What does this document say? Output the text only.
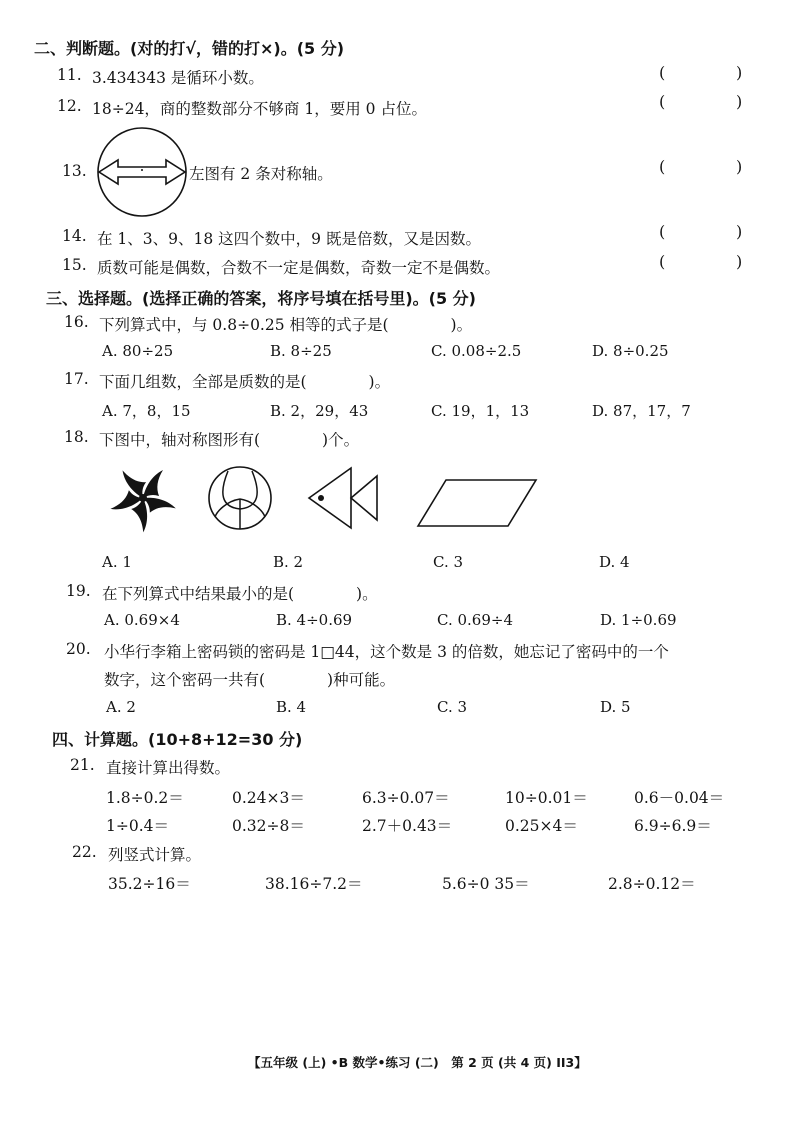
二、判断题。(对的打√，错的打×)。(5 分)
11. 3.434343 是循环小数。	(	)
12. 18÷24，商的整数部分不够商 1，要用 0 占位。	(	)
13.	左图有 2 条对称轴。	(	)
14. 在 1、3、9、18 这四个数中，9 既是倍数，又是因数。	(	)
15. 质数可能是偶数，合数不一定是偶数，奇数一定不是偶数。	(	)
三、选择题。(选择正确的答案，将序号填在括号里)。(5 分)
16. 下列算式中，与 0.8÷0.25 相等的式子是(　　　　)。
A. 80÷25	B. 8÷25	C. 0.08÷2.5	D. 8÷0.25
17. 下面几组数，全部是质数的是(　　　　)。
A. 7，8，15	B. 2，29，43	C. 19，1，13	D. 87，17，7
18. 下图中，轴对称图形有(　　　　)个。
A. 1	B. 2	C. 3	D. 4
19. 在下列算式中结果最小的是(　　　　)。
A. 0.69×4	B. 4÷0.69	C. 0.69÷4	D. 1÷0.69
20. 小华行李箱上密码锁的密码是 1□44，这个数是 3 的倍数，她忘记了密码中的一个
数字，这个密码一共有(　　　　)种可能。
A. 2	B. 4	C. 3	D. 5
四、计算题。(10+8+12=30 分)
21. 直接计算出得数。
1.8÷0.2＝	0.24×3＝	6.3÷0.07＝	10÷0.01＝	0.6－0.04＝
1÷0.4＝	0.32÷8＝	2.7＋0.43＝	0.25×4＝	6.9÷6.9＝
22. 列竖式计算。
35.2÷16＝	38.16÷7.2＝	5.6÷0 35＝	2.8÷0.12＝
【五年级 (上) •B 数学•练习 (二)　第 2 页 (共 4 页) II3】
